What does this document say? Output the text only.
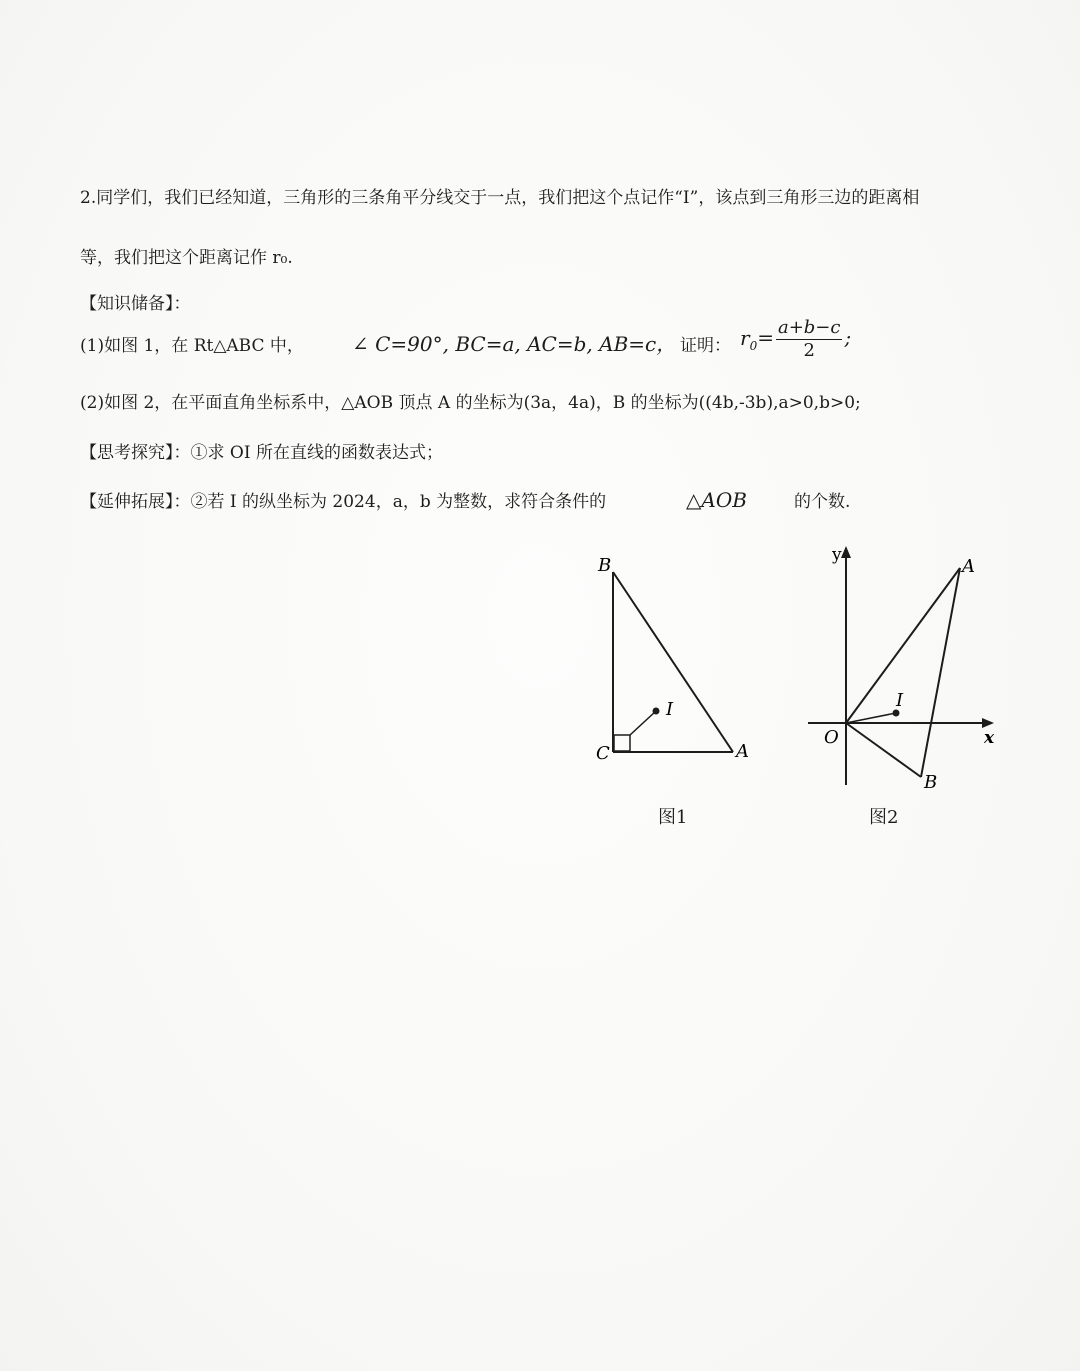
2.同学们，我们已经知道，三角形的三条角平分线交于一点，我们把这个点记作“I”，该点到三角形三边的距离相
等，我们把这个距离记作 r₀.
【知识储备】：
(1)如图 1，在 Rt△ABC 中， ∠ C=90°, BC=a, AC=b, AB=c， 证明： $r_0= \frac{a+b-c}{2}$ ;
(2)如图 2，在平面直角坐标系中，△AOB 顶点 A 的坐标为(3a，4a)，B 的坐标为((4b,-3b),a>0,b>0;
【思考探究】：①求 OI 所在直线的函数表达式；
【延伸拓展】：②若 I 的纵坐标为 2024，a，b 为整数，求符合条件的	△AOB	的个数.
B
C	A
I
图1
y
x
O
A
B
I
图2
